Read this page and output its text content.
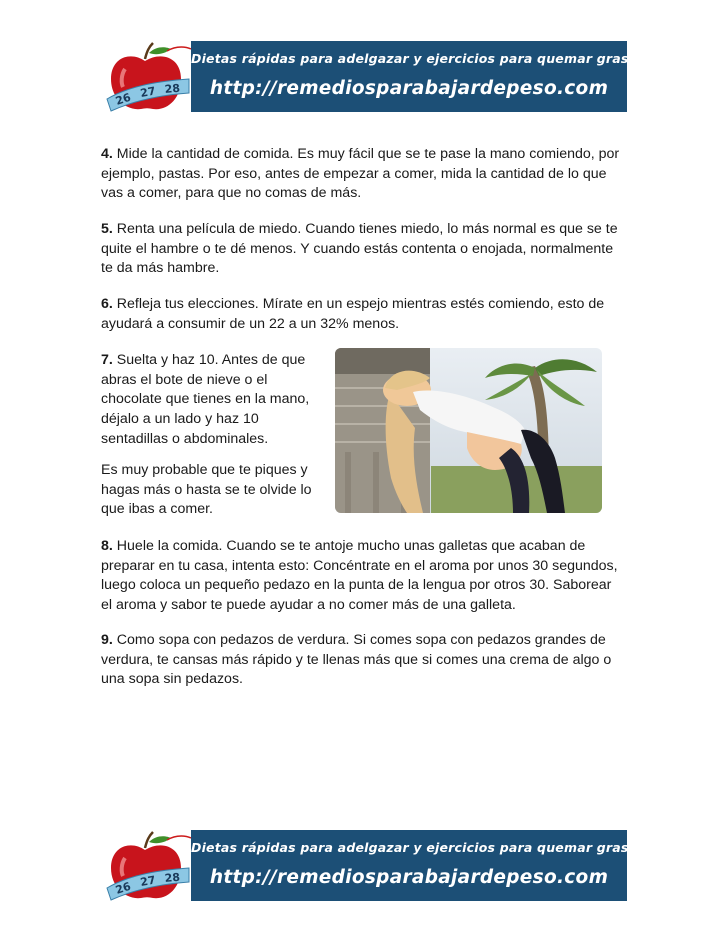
26 27 28
Dietas rápidas para adelgazar y ejercicios para quemar grasa
http://remediosparabajardepeso.com
4. Mide la cantidad de comida. Es muy fácil que se te pase la mano comiendo, por ejemplo, pastas. Por eso, antes de empezar a comer, mida la cantidad de lo que vas a comer, para que no comas de más.
5. Renta una película de miedo. Cuando tienes miedo, lo más normal es que se te quite el hambre o te dé menos. Y cuando estás contenta o enojada, normalmente te da más hambre.
6. Refleja tus elecciones. Mírate en un espejo mientras estés comiendo, esto de ayudará a consumir de un 22 a un 32% menos.
7. Suelta y haz 10. Antes de que abras el bote de nieve o el chocolate que tienes en la mano, déjalo a un lado y haz 10 sentadillas o abdominales.
Es muy probable que te piques y hagas más o hasta se te olvide lo que ibas a comer.
8. Huele la comida. Cuando se te antoje mucho unas galletas que acaban de preparar en tu casa, intenta esto: Concéntrate en el aroma por unos 30 segundos, luego coloca un pequeño pedazo en la punta de la lengua por otros 30. Saborear el aroma y sabor te puede ayudar a no comer más de una galleta.
9. Como sopa con pedazos de verdura. Si comes sopa con pedazos grandes de verdura, te cansas más rápido y te llenas más que si comes una crema de algo o una sopa sin pedazos.
26 27 28
Dietas rápidas para adelgazar y ejercicios para quemar grasa
http://remediosparabajardepeso.com
